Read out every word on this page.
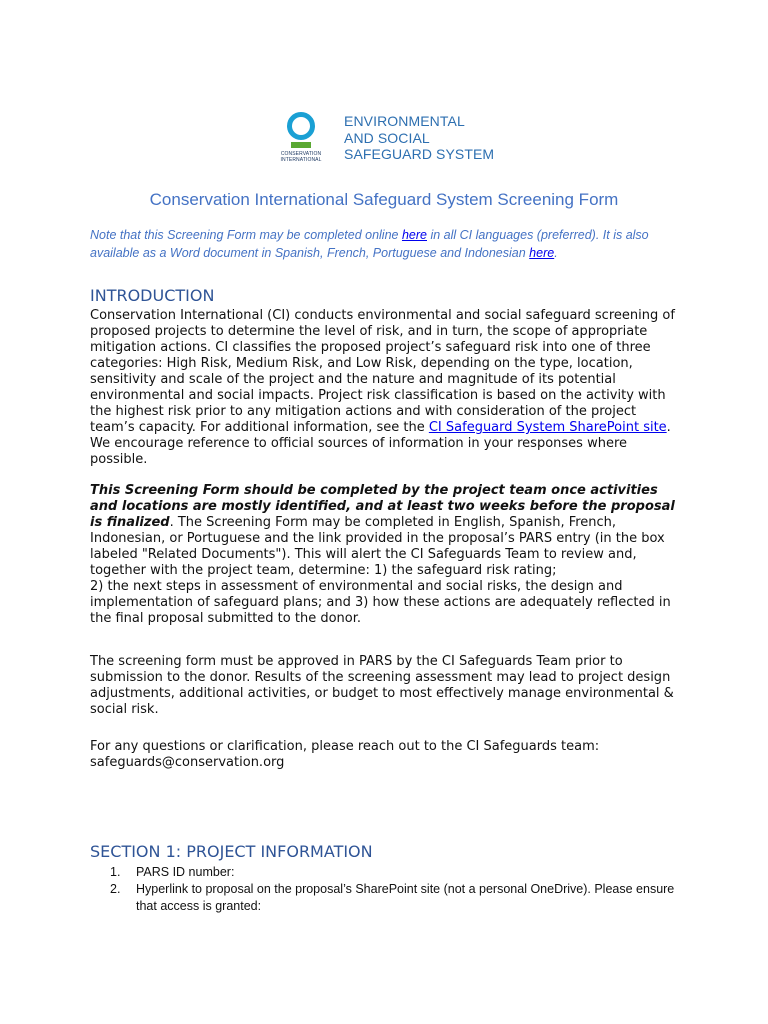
CONSERVATION
INTERNATIONAL
ENVIRONMENTAL
AND SOCIAL
SAFEGUARD SYSTEM
Conservation International Safeguard System Screening Form
Note that this Screening Form may be completed online here in all CI languages (preferred). It is also available as a Word document in Spanish, French, Portuguese and Indonesian here.
INTRODUCTION
Conservation International (CI) conducts environmental and social safeguard screening of proposed projects to determine the level of risk, and in turn, the scope of appropriate mitigation actions. CI classifies the proposed project’s safeguard risk into one of three categories: High Risk, Medium Risk, and Low Risk, depending on the type, location, sensitivity and scale of the project and the nature and magnitude of its potential environmental and social impacts. Project risk classification is based on the activity with the highest risk prior to any mitigation actions and with consideration of the project team’s capacity. For additional information, see the CI Safeguard System SharePoint site. We encourage reference to official sources of information in your responses where possible.
This Screening Form should be completed by the project team once activities and locations are mostly identified, and at least two weeks before the proposal is finalized. The Screening Form may be completed in English, Spanish, French, Indonesian, or Portuguese and the link provided in the proposal’s PARS entry (in the box labeled "Related Documents"). This will alert the CI Safeguards Team to review and, together with the project team, determine: 1) the safeguard risk rating;
2) the next steps in assessment of environmental and social risks, the design and implementation of safeguard plans; and 3) how these actions are adequately reflected in the final proposal submitted to the donor.
The screening form must be approved in PARS by the CI Safeguards Team prior to submission to the donor. Results of the screening assessment may lead to project design adjustments, additional activities, or budget to most effectively manage environmental & social risk.
For any questions or clarification, please reach out to the CI Safeguards team:
safeguards@conservation.org
SECTION 1: PROJECT INFORMATION
1. PARS ID number:
2. Hyperlink to proposal on the proposal’s SharePoint site (not a personal OneDrive). Please ensure that access is granted:
